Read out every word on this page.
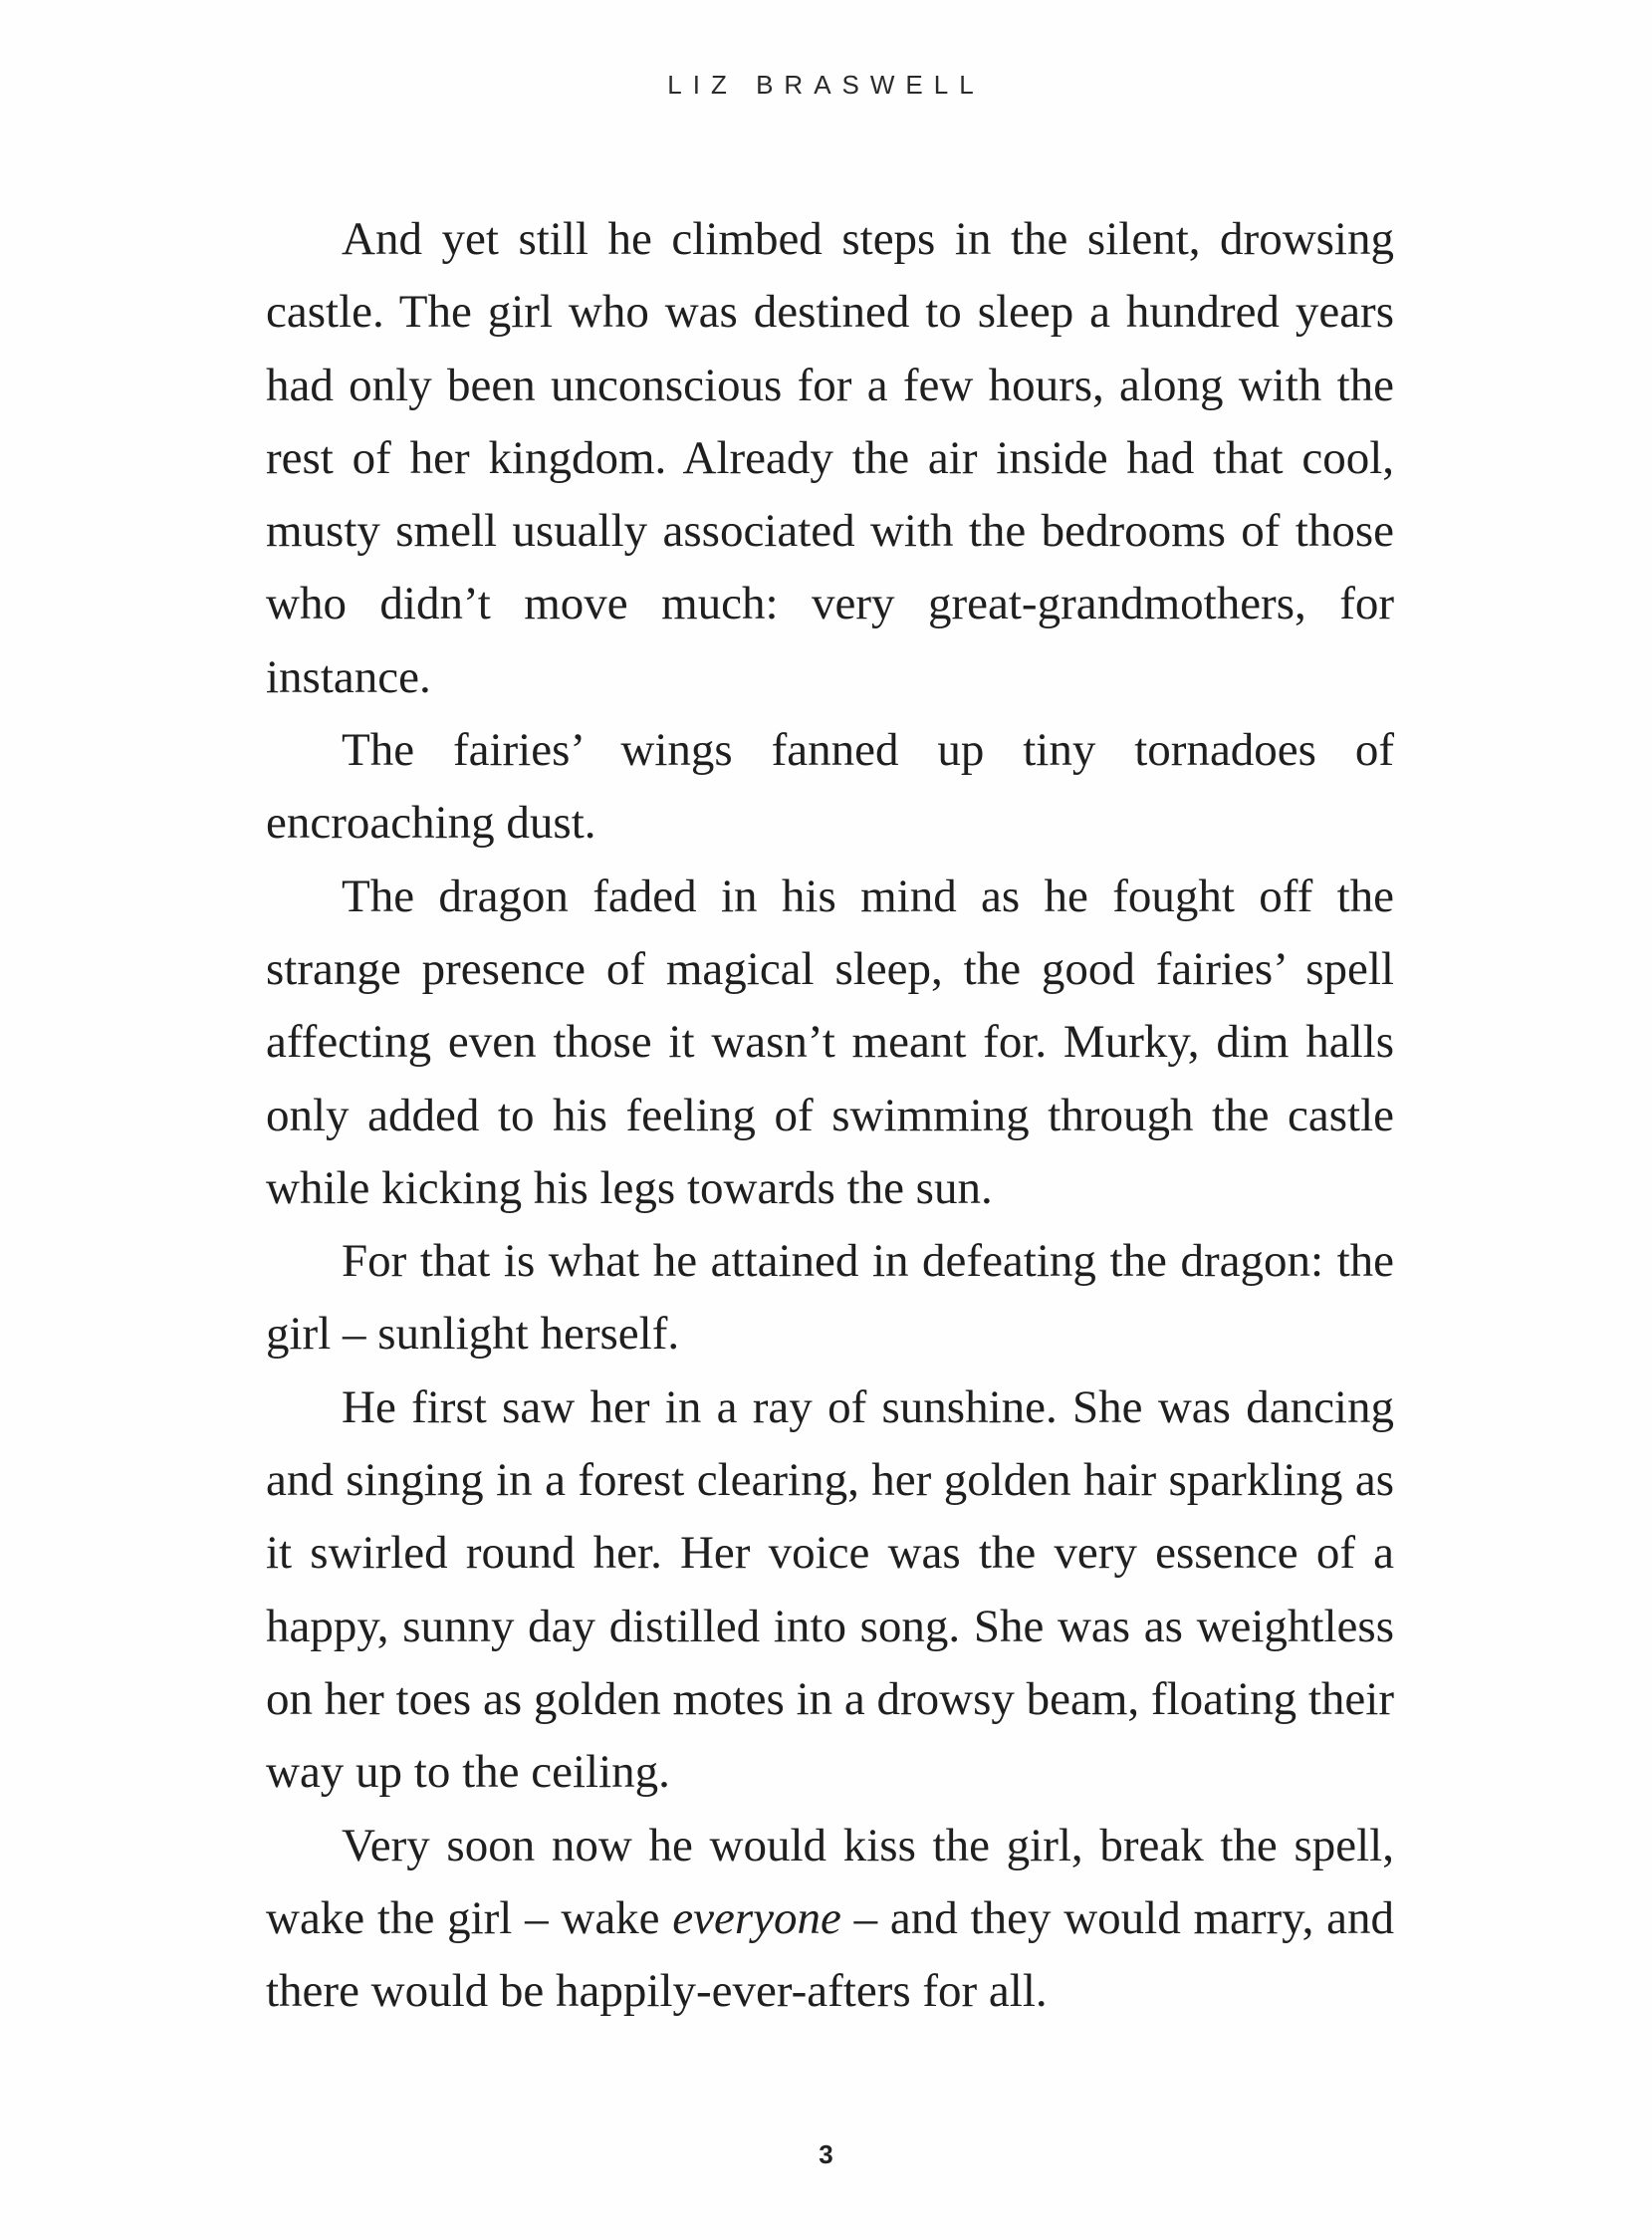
LIZ BRASWELL

And yet still he climbed steps in the silent, drowsing castle. The girl who was destined to sleep a hundred years had only been unconscious for a few hours, along with the rest of her kingdom. Already the air inside had that cool, musty smell usually associated with the bedrooms of those who didn’t move much: very great-grandmothers, for instance.

The fairies’ wings fanned up tiny tornadoes of encroaching dust.

The dragon faded in his mind as he fought off the strange presence of magical sleep, the good fairies’ spell affecting even those it wasn’t meant for. Murky, dim halls only added to his feeling of swimming through the castle while kicking his legs towards the sun.

For that is what he attained in defeating the dragon: the girl – sunlight herself.

He first saw her in a ray of sunshine. She was dancing and singing in a forest clearing, her golden hair sparkling as it swirled round her. Her voice was the very essence of a happy, sunny day distilled into song. She was as weightless on her toes as golden motes in a drowsy beam, floating their way up to the ceiling.

Very soon now he would kiss the girl, break the spell, wake the girl – wake everyone – and they would marry, and there would be happily-ever-afters for all.

3
